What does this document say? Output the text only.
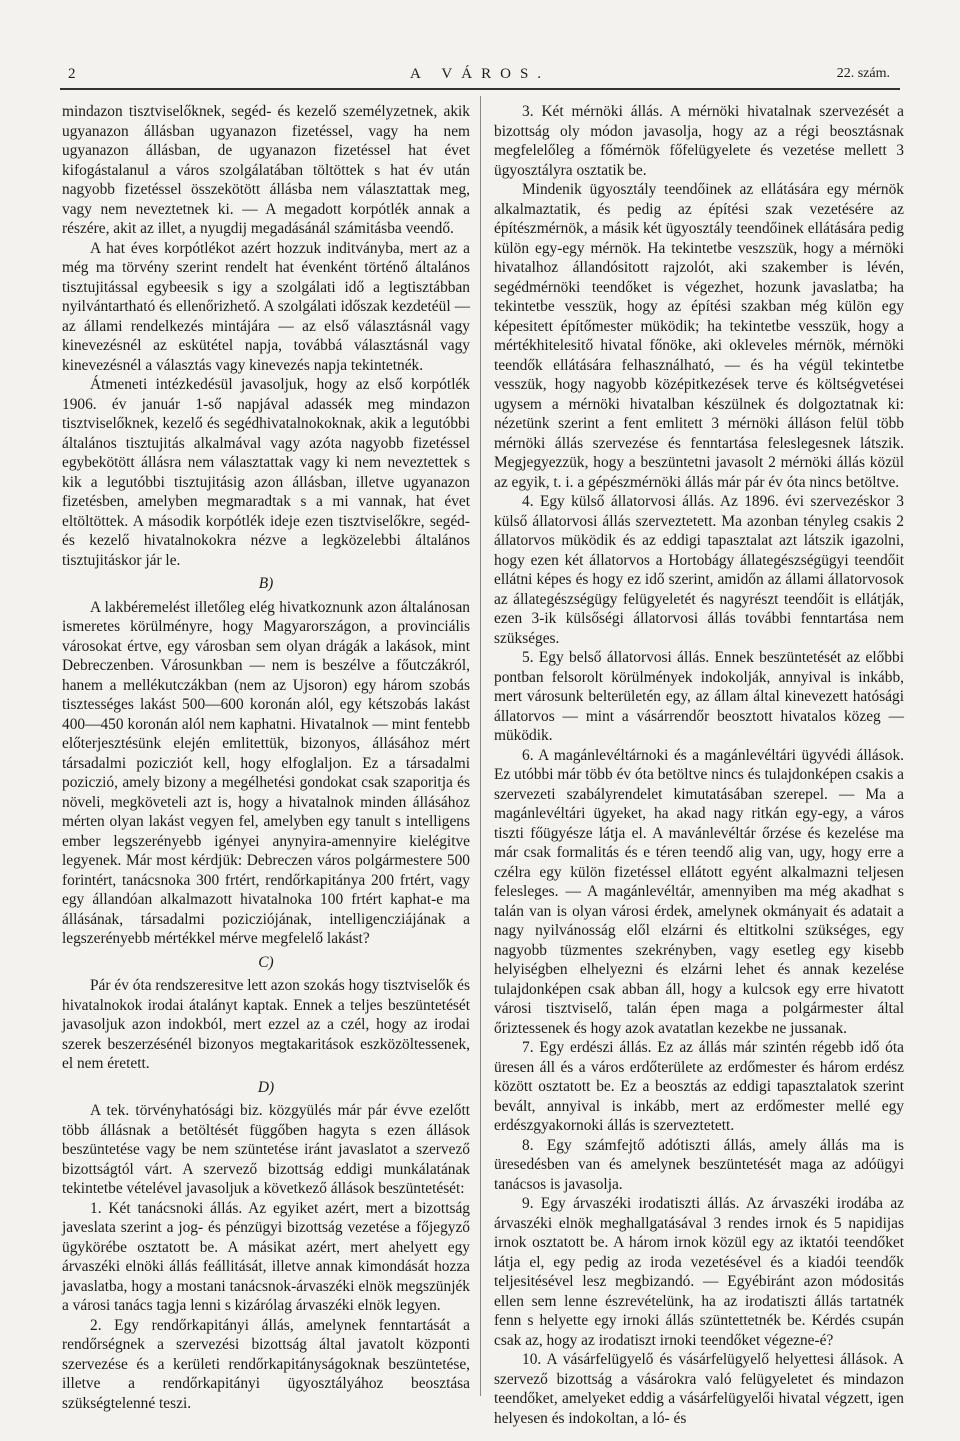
2	A VÁROS.	22. szám.

mindazon tisztviselőknek, segéd- és kezelő személyzetnek, akik ugyanazon állásban ugyanazon fizetéssel, vagy ha nem ugyanazon állásban, de ugyanazon fizetéssel hat évet kifogástalanul a város szolgálatában töltöttek s hat év után nagyobb fizetéssel összekötött állásba nem választattak meg, vagy nem neveztetnek ki. — A megadott korpótlék annak a részére, akit az illet, a nyugdij megadásánál számitásba veendő.

A hat éves korpótlékot azért hozzuk inditványba, mert az a még ma törvény szerint rendelt hat évenként történő általános tisztujitással egybeesik s igy a szolgálati idő a legtisztábban nyilvántartható és ellenőrizhető. A szolgálati időszak kezdetéül — az állami rendelkezés mintájára — az első választásnál vagy kinevezésnél az eskütétel napja, továbbá választásnál vagy kinevezésnél a választás vagy kinevezés napja tekintetnék.

Átmeneti intézkedésül javasoljuk, hogy az első korpótlék 1906. év január 1-ső napjával adassék meg mindazon tisztviselőknek, kezelő és segédhivatalnokoknak, akik a legutóbbi általános tisztujitás alkalmával vagy azóta nagyobb fizetéssel egybekötött állásra nem választattak vagy ki nem neveztettek s kik a legutóbbi tisztujitásig azon állásban, illetve ugyanazon fizetésben, amelyben megmaradtak s a mi vannak, hat évet eltöltöttek. A második korpótlék ideje ezen tisztviselőkre, segéd- és kezelő hivatalnokokra nézve a legközelebbi általános tisztujitáskor jár le.

B)

A lakbéremelést illetőleg elég hivatkoznunk azon általánosan ismeretes körülményre, hogy Magyarországon, a provinciális városokat értve, egy városban sem olyan drágák a lakások, mint Debreczenben. Városunkban — nem is beszélve a főutczákról, hanem a mellékutczákban (nem az Ujsoron) egy három szobás tisztességes lakást 500—600 koronán alól, egy kétszobás lakást 400—450 koronán alól nem kaphatni. Hivatalnok — mint fentebb előterjesztésünk elején emlitettük, bizonyos, állásához mért társadalmi pozicziót kell, hogy elfoglaljon. Ez a társadalmi poziczió, amely bizony a megélhetési gondokat csak szaporitja és növeli, megköveteli azt is, hogy a hivatalnok minden állásához mérten olyan lakást vegyen fel, amelyben egy tanult s intelligens ember legszerényebb igényei anynyira-amennyire kielégitve legyenek. Már most kérdjük: Debreczen város polgármestere 500 forintért, tanácsnoka 300 frtért, rendőrkapitánya 200 frtért, vagy egy állandóan alkalmazott hivatalnoka 100 frtért kaphat-e ma állásának, társadalmi pozicziójának, intelligencziájának a legszerényebb mértékkel mérve megfelelő lakást?

C)

Pár év óta rendszeresitve lett azon szokás hogy tisztviselők és hivatalnokok irodai átalányt kaptak. Ennek a teljes beszüntetését javasoljuk azon indokból, mert ezzel az a czél, hogy az irodai szerek beszerzésénél bizonyos megtakaritások eszközöltessenek, el nem éretett.

D)

A tek. törvényhatósági biz. közgyülés már pár évve ezelőtt több állásnak a betöltését függőben hagyta s ezen állások beszüntetése vagy be nem szüntetése iránt javaslatot a szervező bizottságtól várt. A szervező bizottság eddigi munkálatának tekintetbe vételével javasoljuk a következő állások beszüntetését:

1. Két tanácsnoki állás. Az egyiket azért, mert a bizottság javeslata szerint a jog- és pénzügyi bizottság vezetése a főjegyző ügykörébe osztatott be. A másikat azért, mert ahelyett egy árvaszéki elnöki állás feállitását, illetve annak kimondását hozza javaslatba, hogy a mostani tanácsnok-árvaszéki elnök megszünjék a városi tanács tagja lenni s kizárólag árvaszéki elnök legyen.

2. Egy rendőrkapitányi állás, amelynek fenntartását a rendőrségnek a szervezési bizottság által javatolt központi szervezése és a kerületi rendőrkapitányságoknak beszüntetése, illetve a rendőrkapitányi ügyosztályához beosztása szükségtelenné teszi.

3. Két mérnöki állás. A mérnöki hivatalnak szervezését a bizottság oly módon javasolja, hogy az a régi beosztásnak megfelelőleg a főmérnök főfelügyelete és vezetése mellett 3 ügyosztályra osztatik be.

Mindenik ügyosztály teendőinek az ellátására egy mérnök alkalmaztatik, és pedig az építési szak vezetésére az építészmérnök, a másik két ügyosztály teendőinek ellátására pedig külön egy-egy mérnök. Ha tekintetbe veszszük, hogy a mérnöki hivatalhoz állandósitott rajzolót, aki szakember is lévén, segédmérnöki teendőket is végezhet, hozunk javaslatba; ha tekintetbe vesszük, hogy az építési szakban még külön egy képesitett építőmester müködik; ha tekintetbe vesszük, hogy a mértékhitelesitő hivatal főnöke, aki okleveles mérnök, mérnöki teendők ellátására felhasználható, — és ha végül tekintetbe vesszük, hogy nagyobb középitkezések terve és költségvetései ugysem a mérnöki hivatalban készülnek és dolgoztatnak ki: nézetünk szerint a fent emlitett 3 mérnöki álláson felül több mérnöki állás szervezése és fenntartása feleslegesnek látszik. Megjegyezzük, hogy a beszüntetni javasolt 2 mérnöki állás közül az egyik, t. i. a gépészmérnöki állás már pár év óta nincs betöltve.

4. Egy külső állatorvosi állás. Az 1896. évi szervezéskor 3 külső állatorvosi állás szerveztetett. Ma azonban tényleg csakis 2 állatorvos müködik és az eddigi tapasztalat azt látszik igazolni, hogy ezen két állatorvos a Hortobágy állategészségügyi teendőit ellátni képes és hogy ez idő szerint, amidőn az állami állatorvosok az állategészségügy felügyeletét és nagyrészt teendőit is ellátják, ezen 3-ik külsőségi állatorvosi állás további fenntartása nem szükséges.

5. Egy belső állatorvosi állás. Ennek beszüntetését az előbbi pontban felsorolt körülmények indokolják, annyival is inkább, mert városunk belterületén egy, az állam által kinevezett hatósági állatorvos — mint a vásárrendőr beosztott hivatalos közeg — müködik.

6. A magánlevéltárnoki és a magánlevéltári ügyvédi állások. Ez utóbbi már több év óta betöltve nincs és tulajdonképen csakis a szervezeti szabályrendelet kimutatásában szerepel. — Ma a magánlevéltári ügyeket, ha akad nagy ritkán egy-egy, a város tiszti főügyésze látja el. A mavánlevéltár őrzése és kezelése ma már csak formalitás és e téren teendő alig van, ugy, hogy erre a czélra egy külön fizetéssel ellátott egyént alkalmazni teljesen felesleges. — A magánlevéltár, amennyiben ma még akadhat s talán van is olyan városi érdek, amelynek okmányait és adatait a nagy nyilvánosság elől elzárni és eltitkolni szükséges, egy nagyobb tüzmentes szekrényben, vagy esetleg egy kisebb helyiségben elhelyezni és elzárni lehet és annak kezelése tulajdonképen csak abban áll, hogy a kulcsok egy erre hivatott városi tisztviselő, talán épen maga a polgármester által őriztessenek és hogy azok avatatlan kezekbe ne jussanak.

7. Egy erdészi állás. Ez az állás már szintén régebb idő óta üresen áll és a város erdőterülete az erdőmester és három erdész között osztatott be. Ez a beosztás az eddigi tapasztalatok szerint bevált, annyival is inkább, mert az erdőmester mellé egy erdészgyakornoki állás is szerveztetett.

8. Egy számfejtő adótiszti állás, amely állás ma is üresedésben van és amelynek beszüntetését maga az adóügyi tanácsos is javasolja.

9. Egy árvaszéki irodatiszti állás. Az árvaszéki irodába az árvaszéki elnök meghallgatásával 3 rendes irnok és 5 napidijas irnok osztatott be. A három irnok közül egy az iktatói teendőket látja el, egy pedig az iroda vezetésével és a kiadói teendők teljesitésével lesz megbizandó. — Egyébiránt azon módositás ellen sem lenne észrevételünk, ha az irodatiszti állás tartatnék fenn s helyette egy irnoki állás szüntettetnék be. Kérdés csupán csak az, hogy az irodatiszt irnoki teendőket végezne-é?

10. A vásárfelügyelő és vásárfelügyelő helyettesi állások. A szervező bizottság a vásárokra való felügyeletet és mindazon teendőket, amelyeket eddig a vásárfelügyelői hivatal végzett, igen helyesen és indokoltan, a ló- és
